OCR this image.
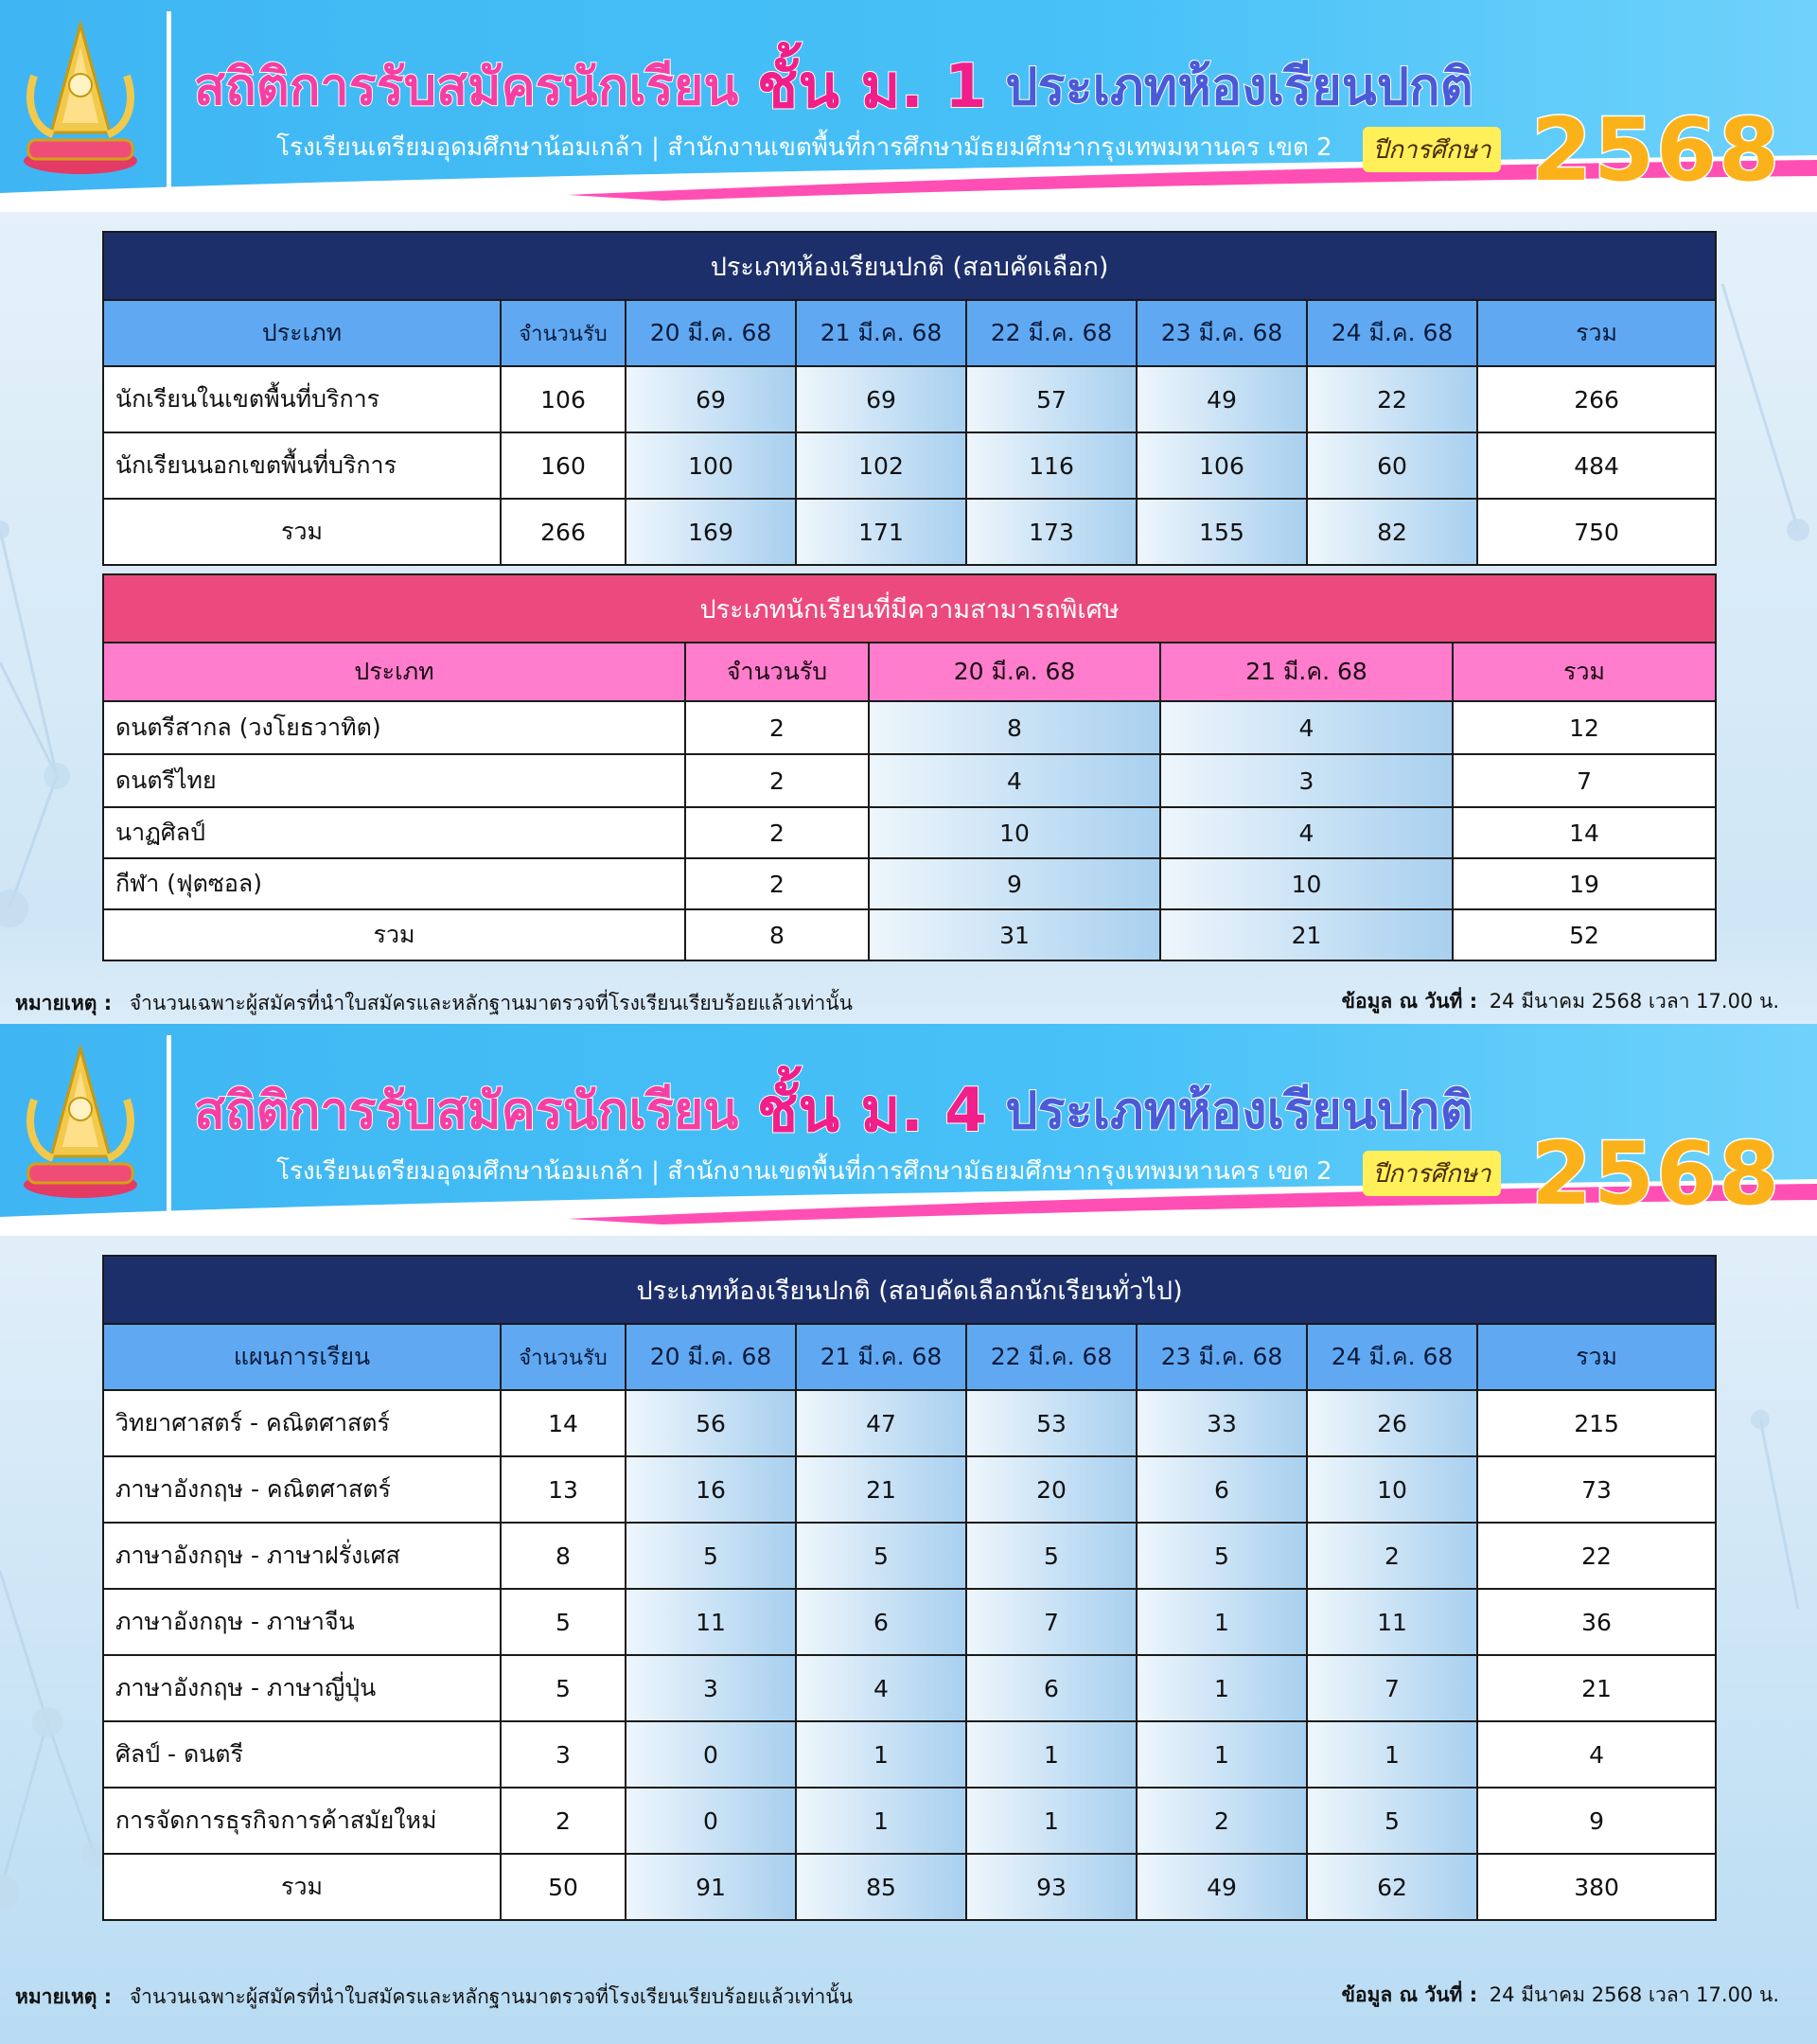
สถิติการรับสมัครนักเรียน ชั้น ม. 1 ประเภทห้องเรียนปกติ
โรงเรียนเตรียมอุดมศึกษาน้อมเกล้า | สำนักงานเขตพื้นที่การศึกษามัธยมศึกษากรุงเทพมหานคร เขต 2	ปีการศึกษา 2568
ประเภทห้องเรียนปกติ (สอบคัดเลือก)							
ประเภท	จำนวนรับ	20 มี.ค. 68	21 มี.ค. 68	22 มี.ค. 68	23 มี.ค. 68	24 มี.ค. 68	รวม
นักเรียนในเขตพื้นที่บริการ	106	69	69	57	49	22	266
นักเรียนนอกเขตพื้นที่บริการ	160	100	102	116	106	60	484
รวม	266	169	171	173	155	82	750
ประเภทนักเรียนที่มีความสามารถพิเศษ				
ประเภท	จำนวนรับ	20 มี.ค. 68	21 มี.ค. 68	รวม
ดนตรีสากล (วงโยธวาทิต)	2	8	4	12
ดนตรีไทย	2	4	3	7
นาฏศิลป์	2	10	4	14
กีฬา (ฟุตซอล)	2	9	10	19
รวม	8	31	21	52
หมายเหตุ : จำนวนเฉพาะผู้สมัครที่นำใบสมัครและหลักฐานมาตรวจที่โรงเรียนเรียบร้อยแล้วเท่านั้น	ข้อมูล ณ วันที่ : 24 มีนาคม 2568 เวลา 17.00 น.
สถิติการรับสมัครนักเรียน ชั้น ม. 4 ประเภทห้องเรียนปกติ
โรงเรียนเตรียมอุดมศึกษาน้อมเกล้า | สำนักงานเขตพื้นที่การศึกษามัธยมศึกษากรุงเทพมหานคร เขต 2	ปีการศึกษา 2568
ประเภทห้องเรียนปกติ (สอบคัดเลือกนักเรียนทั่วไป)							
แผนการเรียน	จำนวนรับ	20 มี.ค. 68	21 มี.ค. 68	22 มี.ค. 68	23 มี.ค. 68	24 มี.ค. 68	รวม
วิทยาศาสตร์ - คณิตศาสตร์	14	56	47	53	33	26	215
ภาษาอังกฤษ - คณิตศาสตร์	13	16	21	20	6	10	73
ภาษาอังกฤษ - ภาษาฝรั่งเศส	8	5	5	5	5	2	22
ภาษาอังกฤษ - ภาษาจีน	5	11	6	7	1	11	36
ภาษาอังกฤษ - ภาษาญี่ปุ่น	5	3	4	6	1	7	21
ศิลป์ - ดนตรี	3	0	1	1	1	1	4
การจัดการธุรกิจการค้าสมัยใหม่	2	0	1	1	2	5	9
รวม	50	91	85	93	49	62	380
หมายเหตุ : จำนวนเฉพาะผู้สมัครที่นำใบสมัครและหลักฐานมาตรวจที่โรงเรียนเรียบร้อยแล้วเท่านั้น	ข้อมูล ณ วันที่ : 24 มีนาคม 2568 เวลา 17.00 น.
